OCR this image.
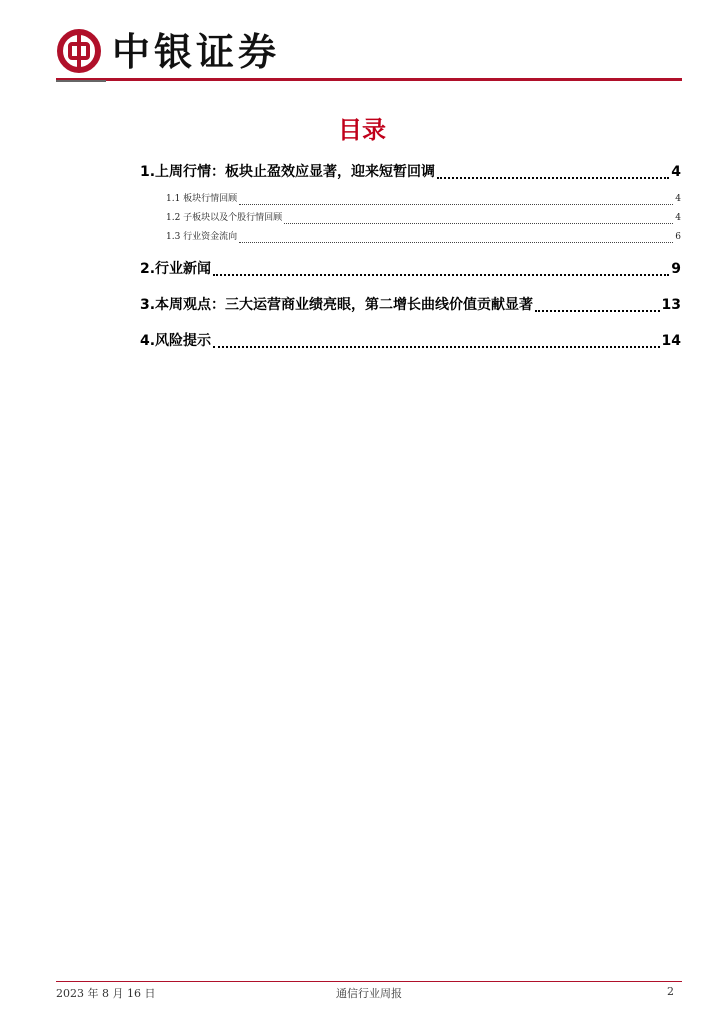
中银证券
目录
1.上周行情：板块止盈效应显著，迎来短暂回调	4
1.1 板块行情回顾	4
1.2 子板块以及个股行情回顾	4
1.3 行业资金流向	6
2.行业新闻	9
3.本周观点：三大运营商业绩亮眼，第二增长曲线价值贡献显著	13
4.风险提示	14
2023 年 8 月 16 日	通信行业周报	2
